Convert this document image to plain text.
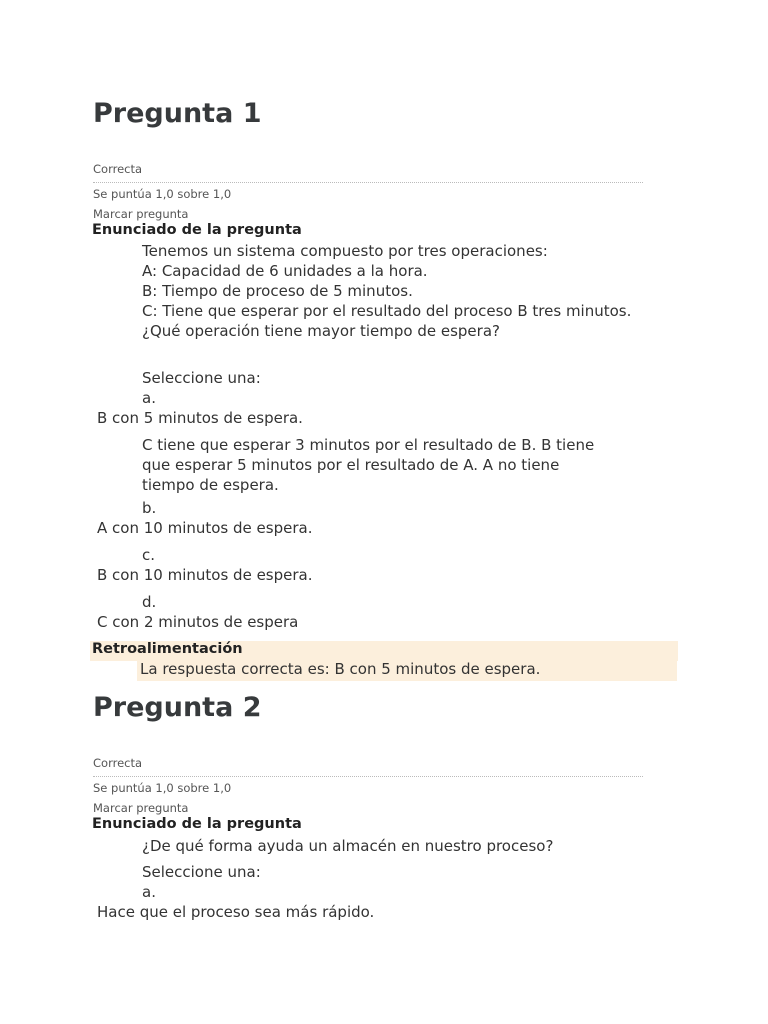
Pregunta 1
Correcta
Se puntúa 1,0 sobre 1,0
Marcar pregunta
Enunciado de la pregunta
Tenemos un sistema compuesto por tres operaciones:
A: Capacidad de 6 unidades a la hora.
B: Tiempo de proceso de 5 minutos.
C: Tiene que esperar por el resultado del proceso B tres minutos.
¿Qué operación tiene mayor tiempo de espera?
Seleccione una:
a.
B con 5 minutos de espera.
C tiene que esperar 3 minutos por el resultado de B. B tiene que esperar 5 minutos por el resultado de A. A no tiene tiempo de espera.
b.
A con 10 minutos de espera.
c.
B con 10 minutos de espera.
d.
C con 2 minutos de espera
Retroalimentación
La respuesta correcta es: B con 5 minutos de espera.
Pregunta 2
Correcta
Se puntúa 1,0 sobre 1,0
Marcar pregunta
Enunciado de la pregunta
¿De qué forma ayuda un almacén en nuestro proceso?
Seleccione una:
a.
Hace que el proceso sea más rápido.
